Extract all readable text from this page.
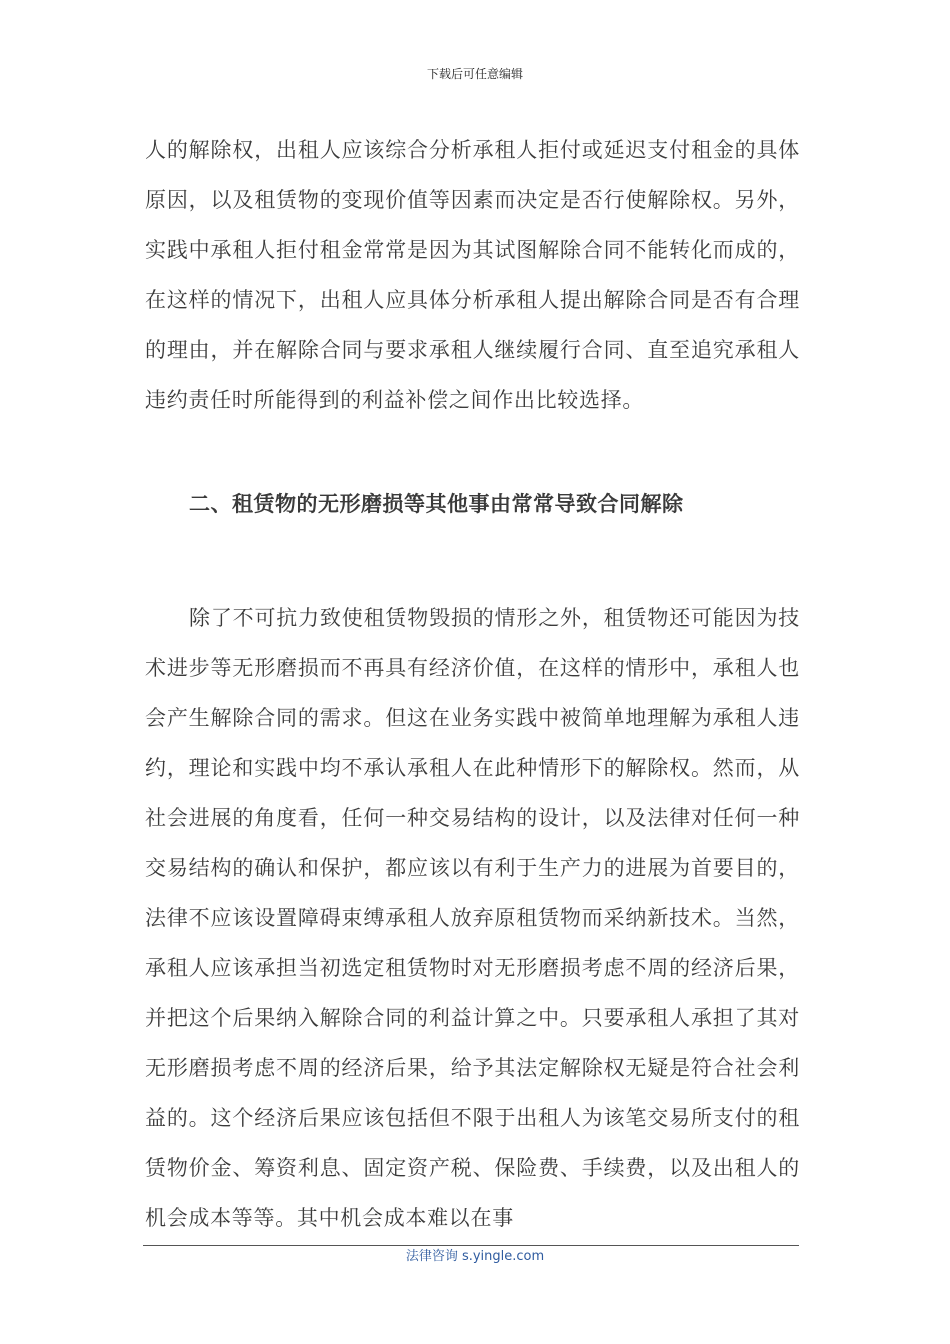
下载后可任意编辑

人的解除权，出租人应该综合分析承租人拒付或延迟支付租金的具体原因，以及租赁物的变现价值等因素而决定是否行使解除权。另外，实践中承租人拒付租金常常是因为其试图解除合同不能转化而成的，在这样的情况下，出租人应具体分析承租人提出解除合同是否有合理的理由，并在解除合同与要求承租人继续履行合同、直至追究承租人违约责任时所能得到的利益补偿之间作出比较选择。

二、租赁物的无形磨损等其他事由常常导致合同解除

除了不可抗力致使租赁物毁损的情形之外，租赁物还可能因为技术进步等无形磨损而不再具有经济价值，在这样的情形中，承租人也会产生解除合同的需求。但这在业务实践中被简单地理解为承租人违约，理论和实践中均不承认承租人在此种情形下的解除权。然而，从社会进展的角度看，任何一种交易结构的设计，以及法律对任何一种交易结构的确认和保护，都应该以有利于生产力的进展为首要目的，法律不应该设置障碍束缚承租人放弃原租赁物而采纳新技术。当然，承租人应该承担当初选定租赁物时对无形磨损考虑不周的经济后果，并把这个后果纳入解除合同的利益计算之中。只要承租人承担了其对无形磨损考虑不周的经济后果，给予其法定解除权无疑是符合社会利益的。这个经济后果应该包括但不限于出租人为该笔交易所支付的租赁物价金、筹资利息、固定资产税、保险费、手续费，以及出租人的机会成本等等。其中机会成本难以在事

法律咨询 s.yingle.com
